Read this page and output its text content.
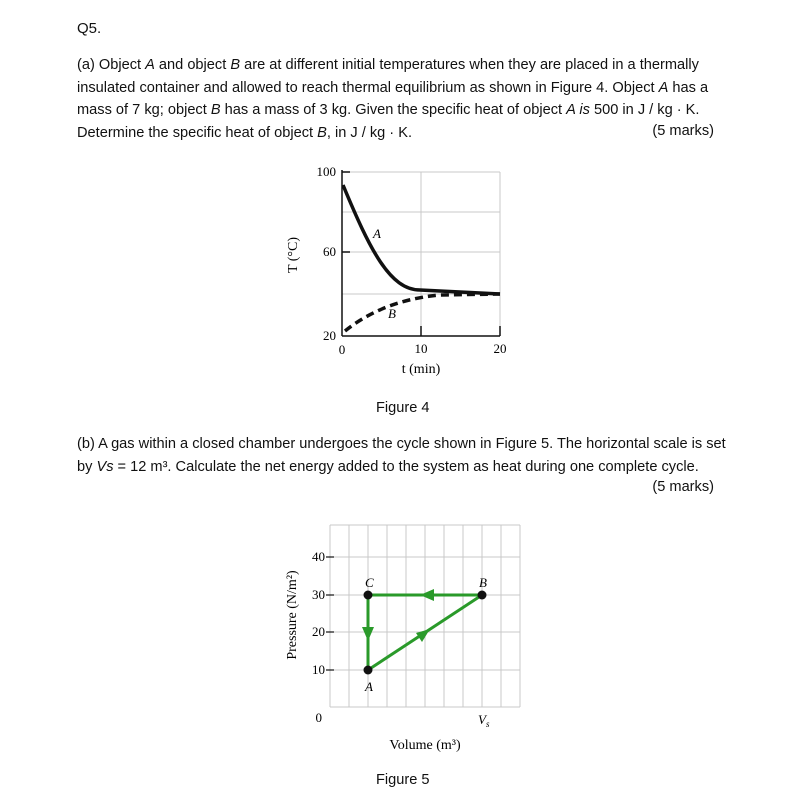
Q5.

(a) Object A and object B are at different initial temperatures when they are placed in a thermally
insulated container and allowed to reach thermal equilibrium as shown in Figure 4. Object A has a
mass of 7 kg; object B has a mass of 3 kg. Given the specific heat of object A is 500 in J / kg · K.
Determine the specific heat of object B, in J / kg · K.	(5 marks)
A
B
100
60
20
0	10	20
t (min)
T (°C)
Figure 4

(b) A gas within a closed chamber undergoes the cycle shown in Figure 5. The horizontal scale is set
by Vs = 12 m³. Calculate the net energy added to the system as heat during one complete cycle.

(5 marks)
C	B
A
40
30
20
10
0	$V_s$
Volume (m³)
Pressure (N/m²)
Figure 5
